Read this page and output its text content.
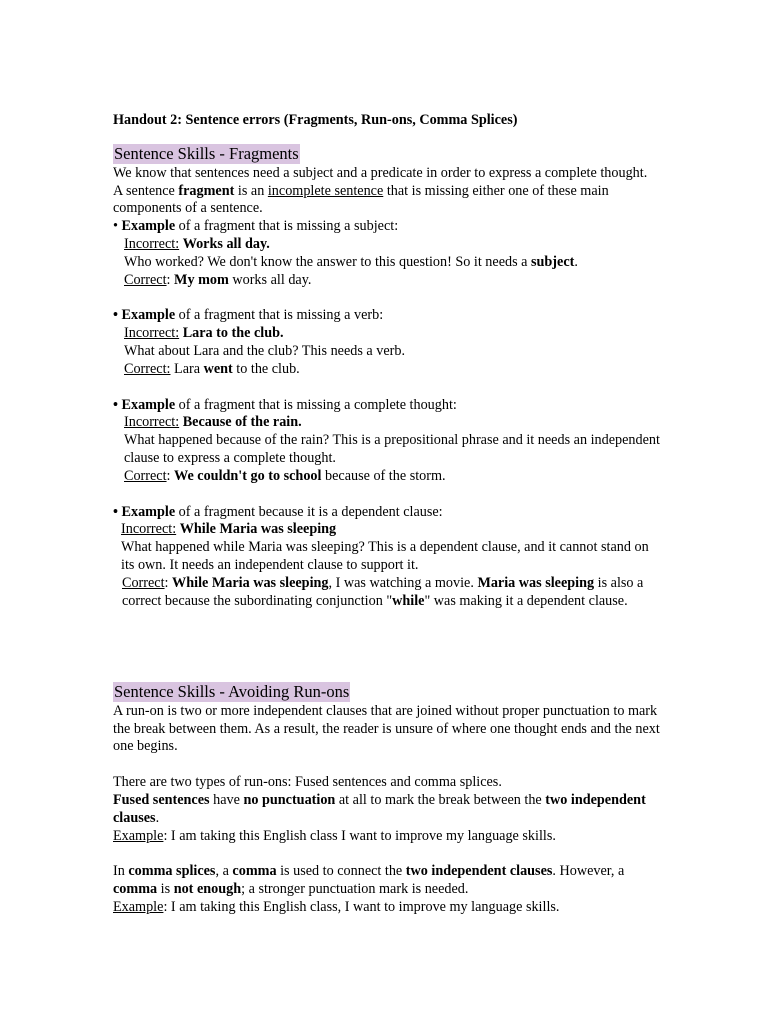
Handout 2: Sentence errors (Fragments, Run-ons, Comma Splices)
Sentence Skills - Fragments

We know that sentences need a subject and a predicate in order to express a complete thought.

A sentence fragment is an incomplete sentence that is missing either one of these main components of a sentence.

• Example of a fragment that is missing a subject:

Incorrect: Works all day.

Who worked? We don't know the answer to this question! So it needs a subject.

Correct: My mom works all day.

• Example of a fragment that is missing a verb:

Incorrect: Lara to the club.

What about Lara and the club? This needs a verb.

Correct: Lara went to the club.

• Example of a fragment that is missing a complete thought:

Incorrect: Because of the rain.

What happened because of the rain? This is a prepositional phrase and it needs an independent clause to express a complete thought.

Correct: We couldn't go to school because of the storm.

• Example of a fragment because it is a dependent clause:

Incorrect: While Maria was sleeping

What happened while Maria was sleeping? This is a dependent clause, and it cannot stand on its own. It needs an independent clause to support it.

Correct: While Maria was sleeping, I was watching a movie. Maria was sleeping is also a correct because the subordinating conjunction "while" was making it a dependent clause.

Sentence Skills - Avoiding Run-ons

A run-on is two or more independent clauses that are joined without proper punctuation to mark the break between them. As a result, the reader is unsure of where one thought ends and the next one begins.

There are two types of run-ons: Fused sentences and comma splices.

Fused sentences have no punctuation at all to mark the break between the two independent clauses.

Example: I am taking this English class I want to improve my language skills.

In comma splices, a comma is used to connect the two independent clauses. However, a comma is not enough; a stronger punctuation mark is needed.

Example: I am taking this English class, I want to improve my language skills.
